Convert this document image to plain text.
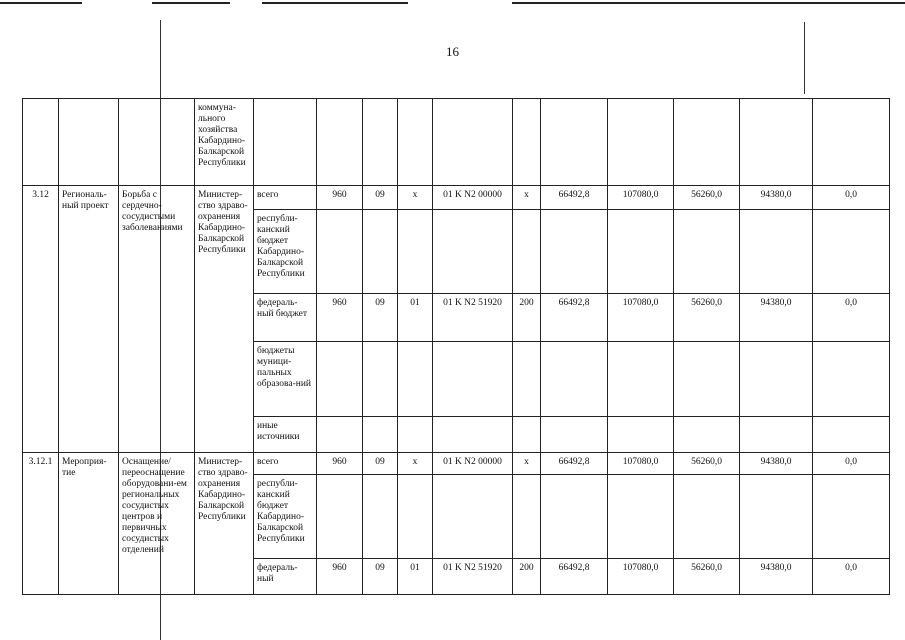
16
			коммуна-льного хозяйства Кабардино-Балкарской Республики											
3.12	Региональ-ный проект	Борьба с сердечно-сосудистыми заболеваниями	Министер-ство здраво-охранения Кабардино-Балкарской Республики	всего	960	09	x	01 K N2 00000	x	66492,8	107080,0	56260,0	94380,0	0,0
				республи-канский бюджет Кабардино-Балкарской Республики										
				федераль-ный бюджет	960	09	01	01 K N2 51920	200	66492,8	107080,0	56260,0	94380,0	0,0
				бюджеты муници-пальных образова-ний										
				иные источники										
3.12.1	Мероприя-тие	Оснащение/ переоснащение оборудовани-ем региональных сосудистых центров и первичных сосудистых отделений	Министер-ство здраво-охранения Кабардино-Балкарской Республики	всего	960	09	x	01 K N2 00000	x	66492,8	107080,0	56260,0	94380,0	0,0
				республи-канский бюджет Кабардино-Балкарской Республики										
				федераль-ный	960	09	01	01 K N2 51920	200	66492,8	107080,0	56260,0	94380,0	0,0
